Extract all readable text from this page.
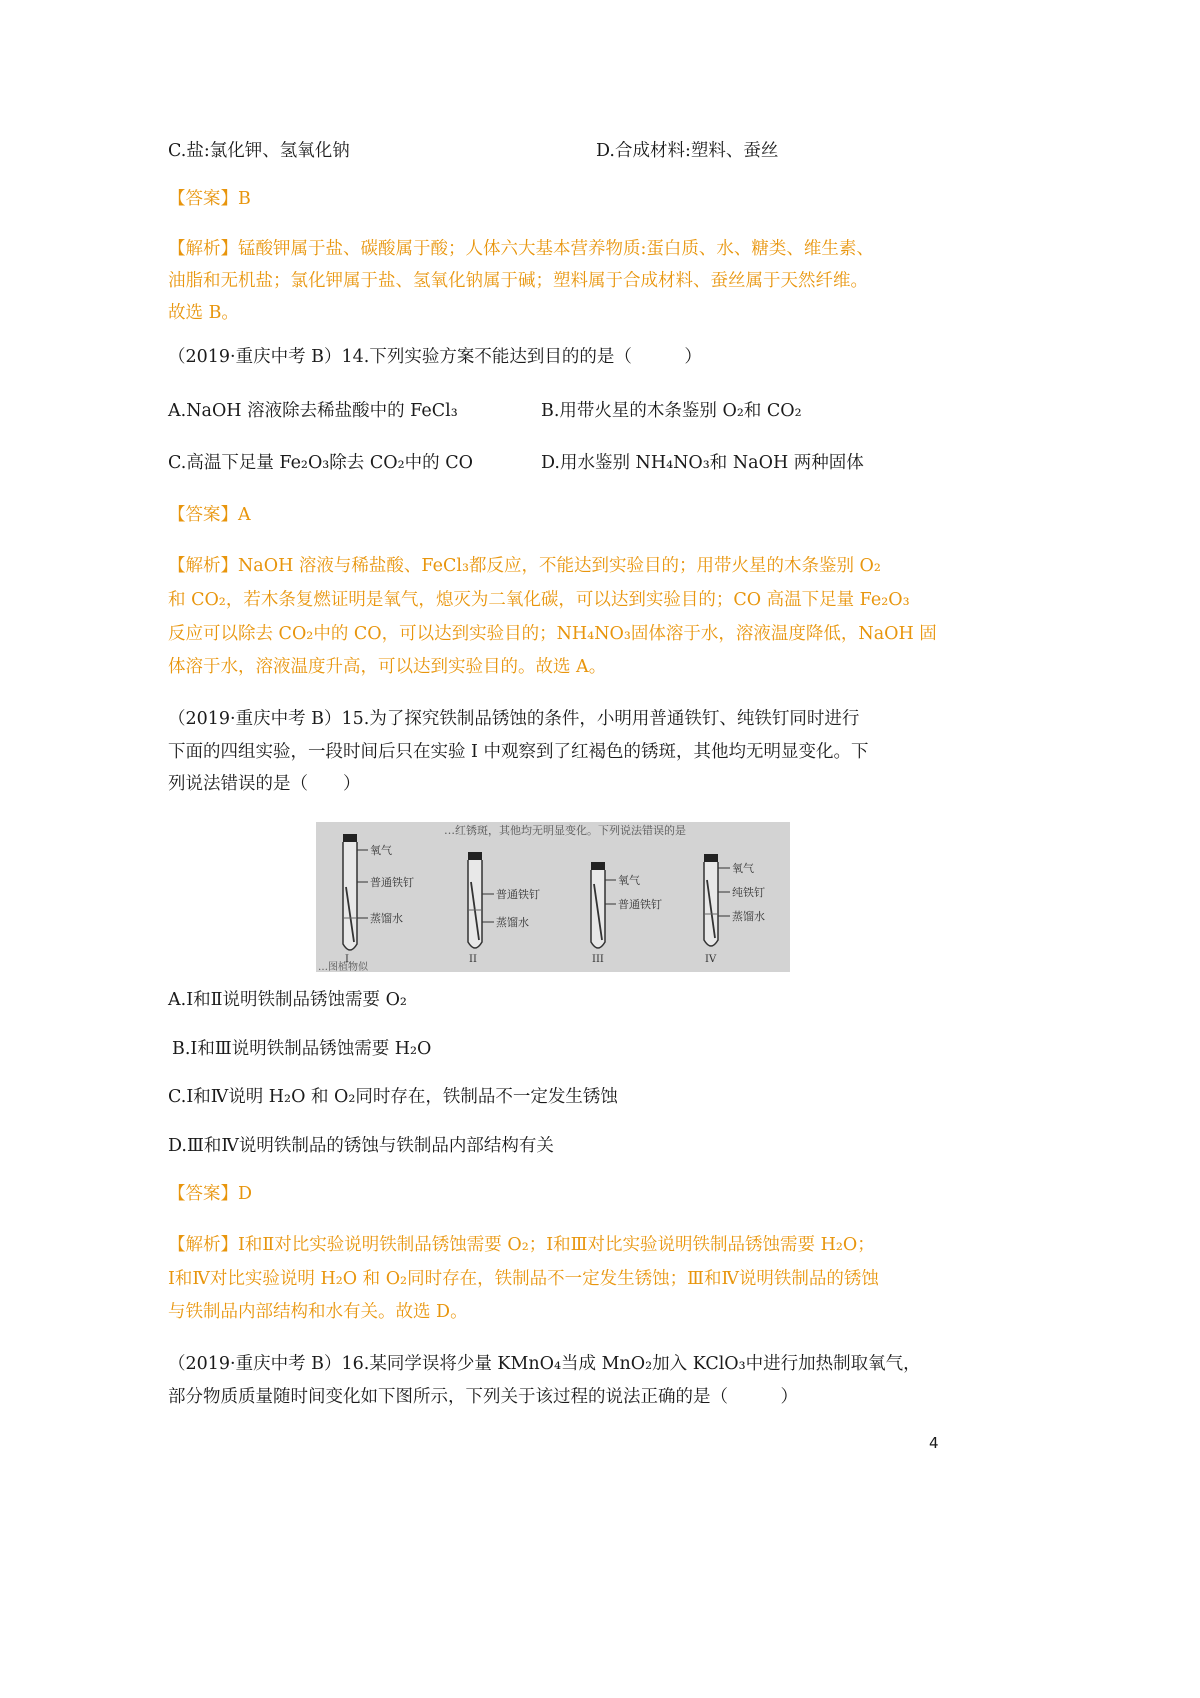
C.盐:氯化钾、氢氧化钠	D.合成材料:塑料、蚕丝
【答案】B
【解析】锰酸钾属于盐、碳酸属于酸；人体六大基本营养物质:蛋白质、水、糖类、维生素、
油脂和无机盐；氯化钾属于盐、氢氧化钠属于碱；塑料属于合成材料、蚕丝属于天然纤维。
故选 B。
（2019·重庆中考 B）14.下列实验方案不能达到目的的是（　　　）
A.NaOH 溶液除去稀盐酸中的 FeCl₃	B.用带火星的木条鉴别 O₂和 CO₂
C.高温下足量 Fe₂O₃除去 CO₂中的 CO	D.用水鉴别 NH₄NO₃和 NaOH 两种固体
【答案】A
【解析】NaOH 溶液与稀盐酸、FeCl₃都反应，不能达到实验目的；用带火星的木条鉴别 O₂
和 CO₂，若木条复燃证明是氧气，熄灭为二氧化碳，可以达到实验目的；CO 高温下足量 Fe₂O₃
反应可以除去 CO₂中的 CO，可以达到实验目的；NH₄NO₃固体溶于水，溶液温度降低，NaOH 固
体溶于水，溶液温度升高，可以达到实验目的。故选 A。
（2019·重庆中考 B）15.为了探究铁制品锈蚀的条件，小明用普通铁钉、纯铁钉同时进行
下面的四组实验，一段时间后只在实验 I 中观察到了红褐色的锈斑，其他均无明显变化。下
列说法错误的是（　　）
…红锈斑，其他均无明显变化。下列说法错误的是
…图植物似
氧气
普通铁钉
蒸馏水
I
普通铁钉
蒸馏水
II
氧气
普通铁钉
III
氧气
纯铁钉
蒸馏水
IV
A.Ⅰ和Ⅱ说明铁制品锈蚀需要 O₂
B.Ⅰ和Ⅲ说明铁制品锈蚀需要 H₂O
C.Ⅰ和Ⅳ说明 H₂O 和 O₂同时存在，铁制品不一定发生锈蚀
D.Ⅲ和Ⅳ说明铁制品的锈蚀与铁制品内部结构有关
【答案】D
【解析】Ⅰ和Ⅱ对比实验说明铁制品锈蚀需要 O₂；Ⅰ和Ⅲ对比实验说明铁制品锈蚀需要 H₂O；
Ⅰ和Ⅳ对比实验说明 H₂O 和 O₂同时存在，铁制品不一定发生锈蚀；Ⅲ和Ⅳ说明铁制品的锈蚀
与铁制品内部结构和水有关。故选 D。
（2019·重庆中考 B）16.某同学误将少量 KMnO₄当成 MnO₂加入 KClO₃中进行加热制取氧气，
部分物质质量随时间变化如下图所示，下列关于该过程的说法正确的是（　　　）
4
